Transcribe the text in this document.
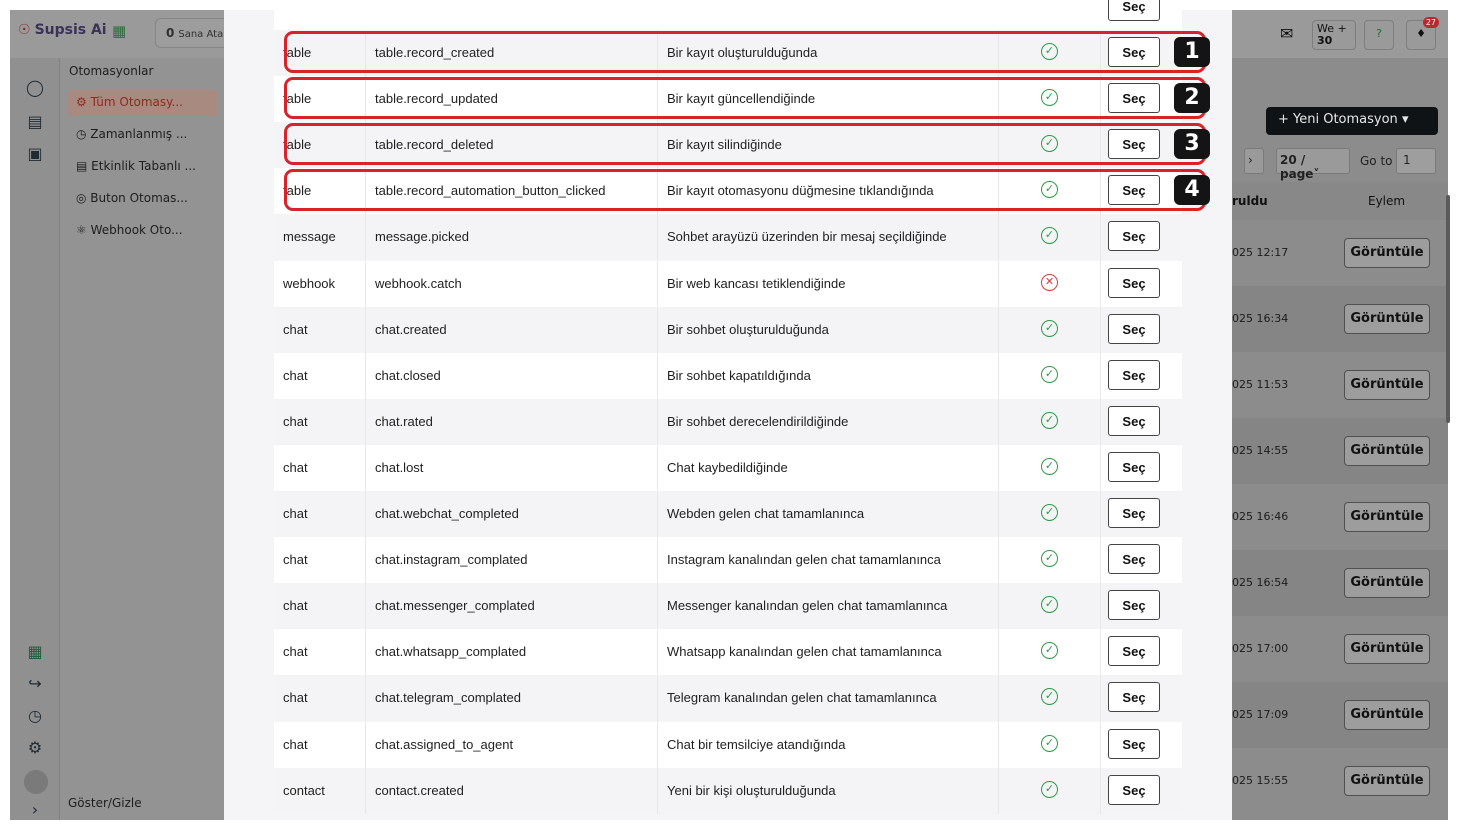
☉ Supsis Ai ▦	0 Sana Ata
◯
▤
▣
▦
↪
◷
⚙
›
Otomasyonlar
⚙ Tüm Otomasy...
◷ Zamanlanmış ...
▤ Etkinlik Tabanlı ...
◎ Buton Otomas...
⚛ Webhook Oto...
Göster/Gizle
✉	We +
30
?	♦
27
+ Yeni Otomasyon ▾
›	20 / page˅
Go to 1
ruldu	Eylem
025 12:17	Görüntüle
025 16:34	Görüntüle
025 11:53	Görüntüle
025 14:55	Görüntüle
025 16:46	Görüntüle
025 16:54	Görüntüle
025 17:00	Görüntüle
025 17:09	Görüntüle
025 15:55	Görüntüle
Seç
table	table.record_created	Bir kayıt oluşturulduğunda	✓	Seç
table	table.record_updated	Bir kayıt güncellendiğinde	✓	Seç
table	table.record_deleted	Bir kayıt silindiğinde	✓	Seç
table	table.record_automation_button_clicked	Bir kayıt otomasyonu düğmesine tıklandığında	✓	Seç
message	message.picked	Sohbet arayüzü üzerinden bir mesaj seçildiğinde	✓	Seç
webhook	webhook.catch	Bir web kancası tetiklendiğinde	✕	Seç
chat	chat.created	Bir sohbet oluşturulduğunda	✓	Seç
chat	chat.closed	Bir sohbet kapatıldığında	✓	Seç
chat	chat.rated	Bir sohbet derecelendirildiğinde	✓	Seç
chat	chat.lost	Chat kaybedildiğinde	✓	Seç
chat	chat.webchat_completed	Webden gelen chat tamamlanınca	✓	Seç
chat	chat.instagram_complated	Instagram kanalından gelen chat tamamlanınca	✓	Seç
chat	chat.messenger_complated	Messenger kanalından gelen chat tamamlanınca	✓	Seç
chat	chat.whatsapp_complated	Whatsapp kanalından gelen chat tamamlanınca	✓	Seç
chat	chat.telegram_complated	Telegram kanalından gelen chat tamamlanınca	✓	Seç
chat	chat.assigned_to_agent	Chat bir temsilciye atandığında	✓	Seç
contact	contact.created	Yeni bir kişi oluşturulduğunda	✓	Seç
1
2
3
4
